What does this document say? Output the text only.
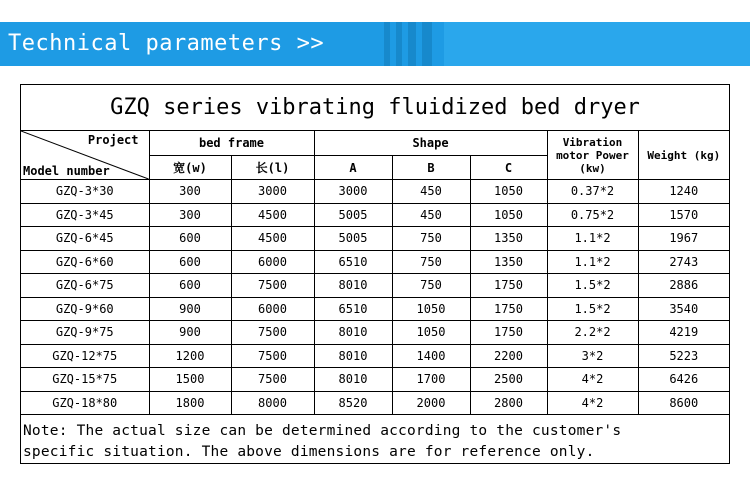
Technical parameters >>
GZQ series vibrating fluidized bed dryer							

Project
Model number	bed frame		Shape			Vibration motor Power (kw)	Weight (kg)
	宽(w)	长(l)	A	B	C		
GZQ-3*30	300	3000	3000	450	1050	0.37*2	1240
GZQ-3*45	300	4500	5005	450	1050	0.75*2	1570
GZQ-6*45	600	4500	5005	750	1350	1.1*2	1967
GZQ-6*60	600	6000	6510	750	1350	1.1*2	2743
GZQ-6*75	600	7500	8010	750	1750	1.5*2	2886
GZQ-9*60	900	6000	6510	1050	1750	1.5*2	3540
GZQ-9*75	900	7500	8010	1050	1750	2.2*2	4219
GZQ-12*75	1200	7500	8010	1400	2200	3*2	5223
GZQ-15*75	1500	7500	8010	1700	2500	4*2	6426
GZQ-18*80	1800	8000	8520	2000	2800	4*2	8600
Note: The actual size can be determined according to the customer's
specific situation. The above dimensions are for reference only.
